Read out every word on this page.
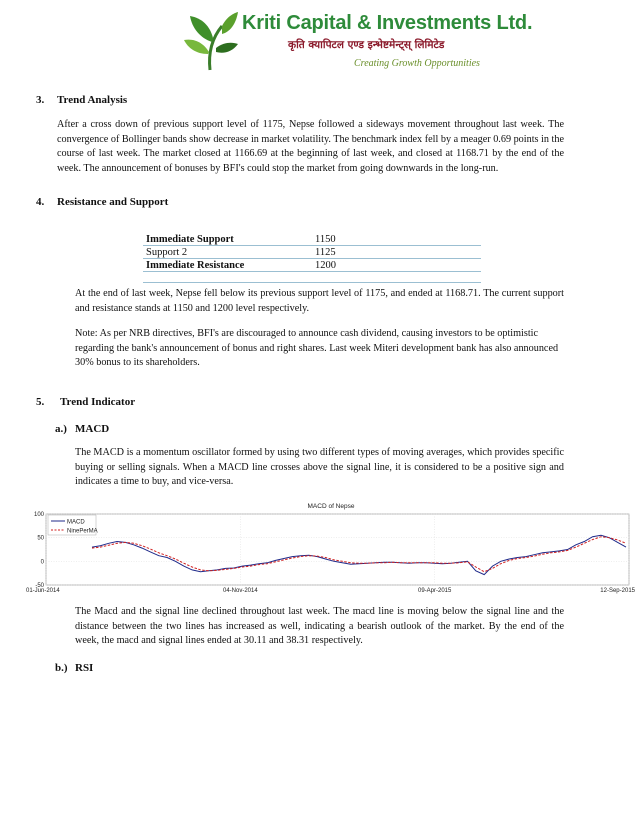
Kriti Capital & Investments Ltd.
कृति क्यापिटल एण्ड इन्भेष्टमेन्ट्स् लिमिटेड
Creating Growth Opportunities
3. Trend Analysis
After a cross down of previous support level of 1175, Nepse followed a sideways movement throughout last week. The convergence of Bollinger bands show decrease in market volatility. The benchmark index fell by a meager 0.69 points in the course of last week. The market closed at 1166.69 at the beginning of last week, and closed at 1168.71 by the end of the week. The announcement of bonuses by BFI's could stop the market from going downwards in the long-run.
4. Resistance and Support
Immediate Support	1150
Support 2	1125
Immediate Resistance	1200

At the end of last week, Nepse fell below its previous support level of 1175, and ended at 1168.71. The current support and resistance stands at 1150 and 1200 level respectively.
Note: As per NRB directives, BFI's are discouraged to announce cash dividend, causing investors to be optimistic regarding the bank's announcement of bonus and right shares. Last week Miteri development bank has also announced 30% bonus to its shareholders.
5. Trend Indicator
a.) MACD
The MACD is a momentum oscillator formed by using two different types of moving averages, which provides specific buying or selling signals. When a MACD line crosses above the signal line, it is considered to be a positive sign and indicates a time to buy, and vice-versa.
MACD of Nepse
100
50
0
-50
01-Jun-2014	04-Nov-2014	09-Apr-2015	12-Sep-2015
MACD
NinePerMA
The Macd and the signal line declined throughout last week. The macd line is moving below the signal line and the distance between the two lines has increased as well, indicating a bearish outlook of the market. By the end of the week, the macd and signal lines ended at 30.11 and 38.31 respectively.
b.) RSI
